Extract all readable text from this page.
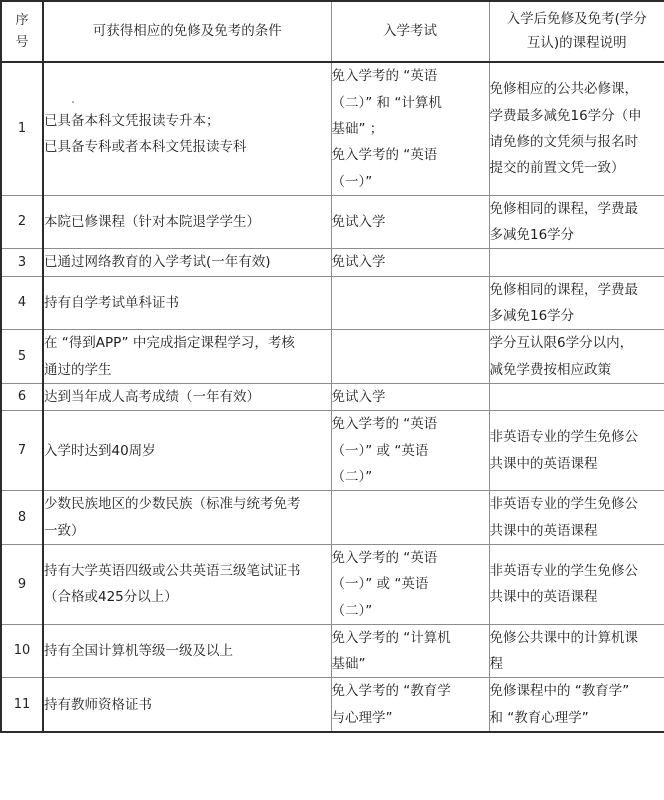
序
号	可获得相应的免修及免考的条件	入学考试	入学后免修及免考(学分
互认)的课程说明

1	已具备本科文凭报读专升本；
已具备专科或者本科文凭报读专科	免入学考的 “英语
（二）” 和 “计算机
基础” ；
免入学考的 “英语
（一）”	免修相应的公共必修课，
学费最多减免16学分（申
请免修的文凭须与报名时
提交的前置文凭一致）

2	本院已修课程（针对本院退学学生）	免试入学	免修相同的课程，学费最
多减免16学分

3	已通过网络教育的入学考试(一年有效)	免试入学	

4	持有自学考试单科证书		免修相同的课程，学费最
多减免16学分

5	在 “得到APP” 中完成指定课程学习，考核
通过的学生		学分互认限6学分以内，
减免学费按相应政策

6	达到当年成人高考成绩（一年有效）	免试入学	

7	入学时达到40周岁	免入学考的 “英语
（一）” 或 “英语
（二）”	非英语专业的学生免修公
共课中的英语课程

8	少数民族地区的少数民族（标准与统考免考
一致）		非英语专业的学生免修公
共课中的英语课程

9	持有大学英语四级或公共英语三级笔试证书
（合格或425分以上）	免入学考的 “英语
（一）” 或 “英语
（二）”	非英语专业的学生免修公
共课中的英语课程

10	持有全国计算机等级一级及以上	免入学考的 “计算机
基础”	免修公共课中的计算机课
程

11	持有教师资格证书	免入学考的 “教育学
与心理学”	免修课程中的 “教育学”
和 “教育心理学”
